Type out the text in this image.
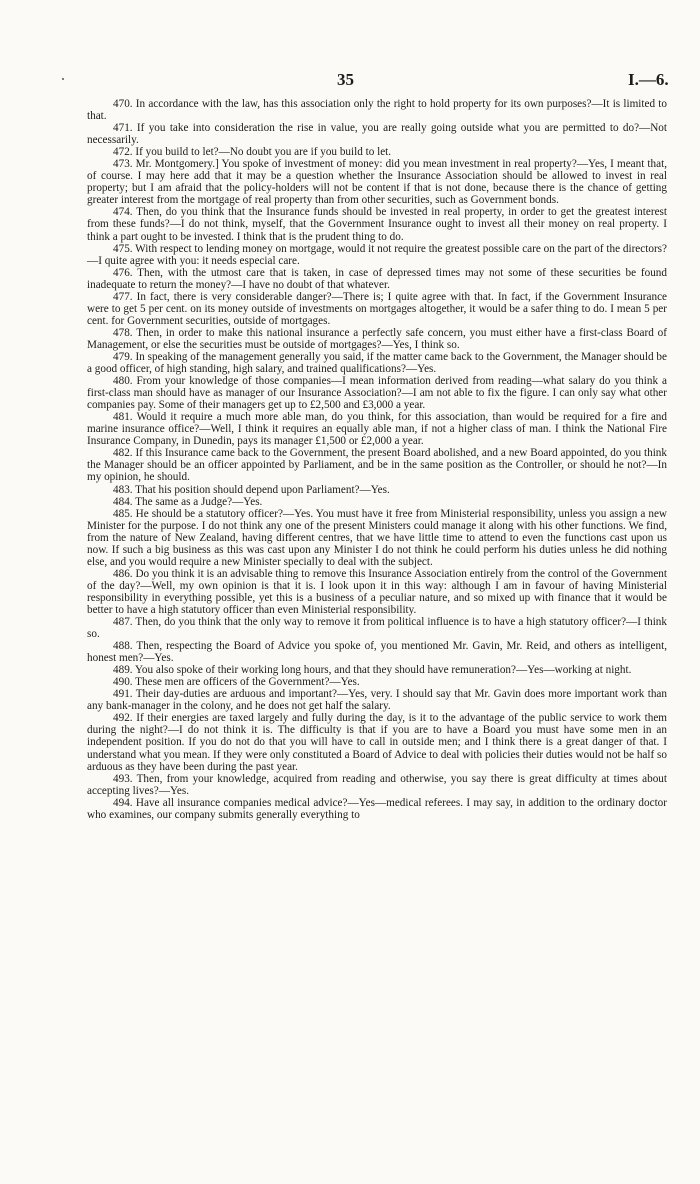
35	I.—6.

470. In accordance with the law, has this association only the right to hold property for its own purposes?—It is limited to that.

471. If you take into consideration the rise in value, you are really going outside what you are permitted to do?—Not necessarily.

472. If you build to let?—No doubt you are if you build to let.

473. Mr. Montgomery.] You spoke of investment of money: did you mean investment in real property?—Yes, I meant that, of course. I may here add that it may be a question whether the Insurance Association should be allowed to invest in real property; but I am afraid that the policy-holders will not be content if that is not done, because there is the chance of getting greater interest from the mortgage of real property than from other securities, such as Government bonds.

474. Then, do you think that the Insurance funds should be invested in real property, in order to get the greatest interest from these funds?—I do not think, myself, that the Government Insurance ought to invest all their money on real property. I think a part ought to be invested. I think that is the prudent thing to do.

475. With respect to lending money on mortgage, would it not require the greatest possible care on the part of the directors?—I quite agree with you: it needs especial care.

476. Then, with the utmost care that is taken, in case of depressed times may not some of these securities be found inadequate to return the money?—I have no doubt of that whatever.

477. In fact, there is very considerable danger?—There is; I quite agree with that. In fact, if the Government Insurance were to get 5 per cent. on its money outside of investments on mortgages altogether, it would be a safer thing to do. I mean 5 per cent. for Government securities, outside of mortgages.

478. Then, in order to make this national insurance a perfectly safe concern, you must either have a first-class Board of Management, or else the securities must be outside of mortgages?—Yes, I think so.

479. In speaking of the management generally you said, if the matter came back to the Government, the Manager should be a good officer, of high standing, high salary, and trained qualifications?—Yes.

480. From your knowledge of those companies—I mean information derived from reading—what salary do you think a first-class man should have as manager of our Insurance Association?—I am not able to fix the figure. I can only say what other companies pay. Some of their managers get up to £2,500 and £3,000 a year.

481. Would it require a much more able man, do you think, for this association, than would be required for a fire and marine insurance office?—Well, I think it requires an equally able man, if not a higher class of man. I think the National Fire Insurance Company, in Dunedin, pays its manager £1,500 or £2,000 a year.

482. If this Insurance came back to the Government, the present Board abolished, and a new Board appointed, do you think the Manager should be an officer appointed by Parliament, and be in the same position as the Controller, or should he not?—In my opinion, he should.

483. That his position should depend upon Parliament?—Yes.

484. The same as a Judge?—Yes.

485. He should be a statutory officer?—Yes. You must have it free from Ministerial responsibility, unless you assign a new Minister for the purpose. I do not think any one of the present Ministers could manage it along with his other functions. We find, from the nature of New Zealand, having different centres, that we have little time to attend to even the functions cast upon us now. If such a big business as this was cast upon any Minister I do not think he could perform his duties unless he did nothing else, and you would require a new Minister specially to deal with the subject.

486. Do you think it is an advisable thing to remove this Insurance Association entirely from the control of the Government of the day?—Well, my own opinion is that it is. I look upon it in this way: although I am in favour of having Ministerial responsibility in everything possible, yet this is a business of a peculiar nature, and so mixed up with finance that it would be better to have a high statutory officer than even Ministerial responsibility.

487. Then, do you think that the only way to remove it from political influence is to have a high statutory officer?—I think so.

488. Then, respecting the Board of Advice you spoke of, you mentioned Mr. Gavin, Mr. Reid, and others as intelligent, honest men?—Yes.

489. You also spoke of their working long hours, and that they should have remuneration?—Yes—working at night.

490. These men are officers of the Government?—Yes.

491. Their day-duties are arduous and important?—Yes, very. I should say that Mr. Gavin does more important work than any bank-manager in the colony, and he does not get half the salary.

492. If their energies are taxed largely and fully during the day, is it to the advantage of the public service to work them during the night?—I do not think it is. The difficulty is that if you are to have a Board you must have some men in an independent position. If you do not do that you will have to call in outside men; and I think there is a great danger of that. I understand what you mean. If they were only constituted a Board of Advice to deal with policies their duties would not be half so arduous as they have been during the past year.

493. Then, from your knowledge, acquired from reading and otherwise, you say there is great difficulty at times about accepting lives?—Yes.

494. Have all insurance companies medical advice?—Yes—medical referees. I may say, in addition to the ordinary doctor who examines, our company submits generally everything to
